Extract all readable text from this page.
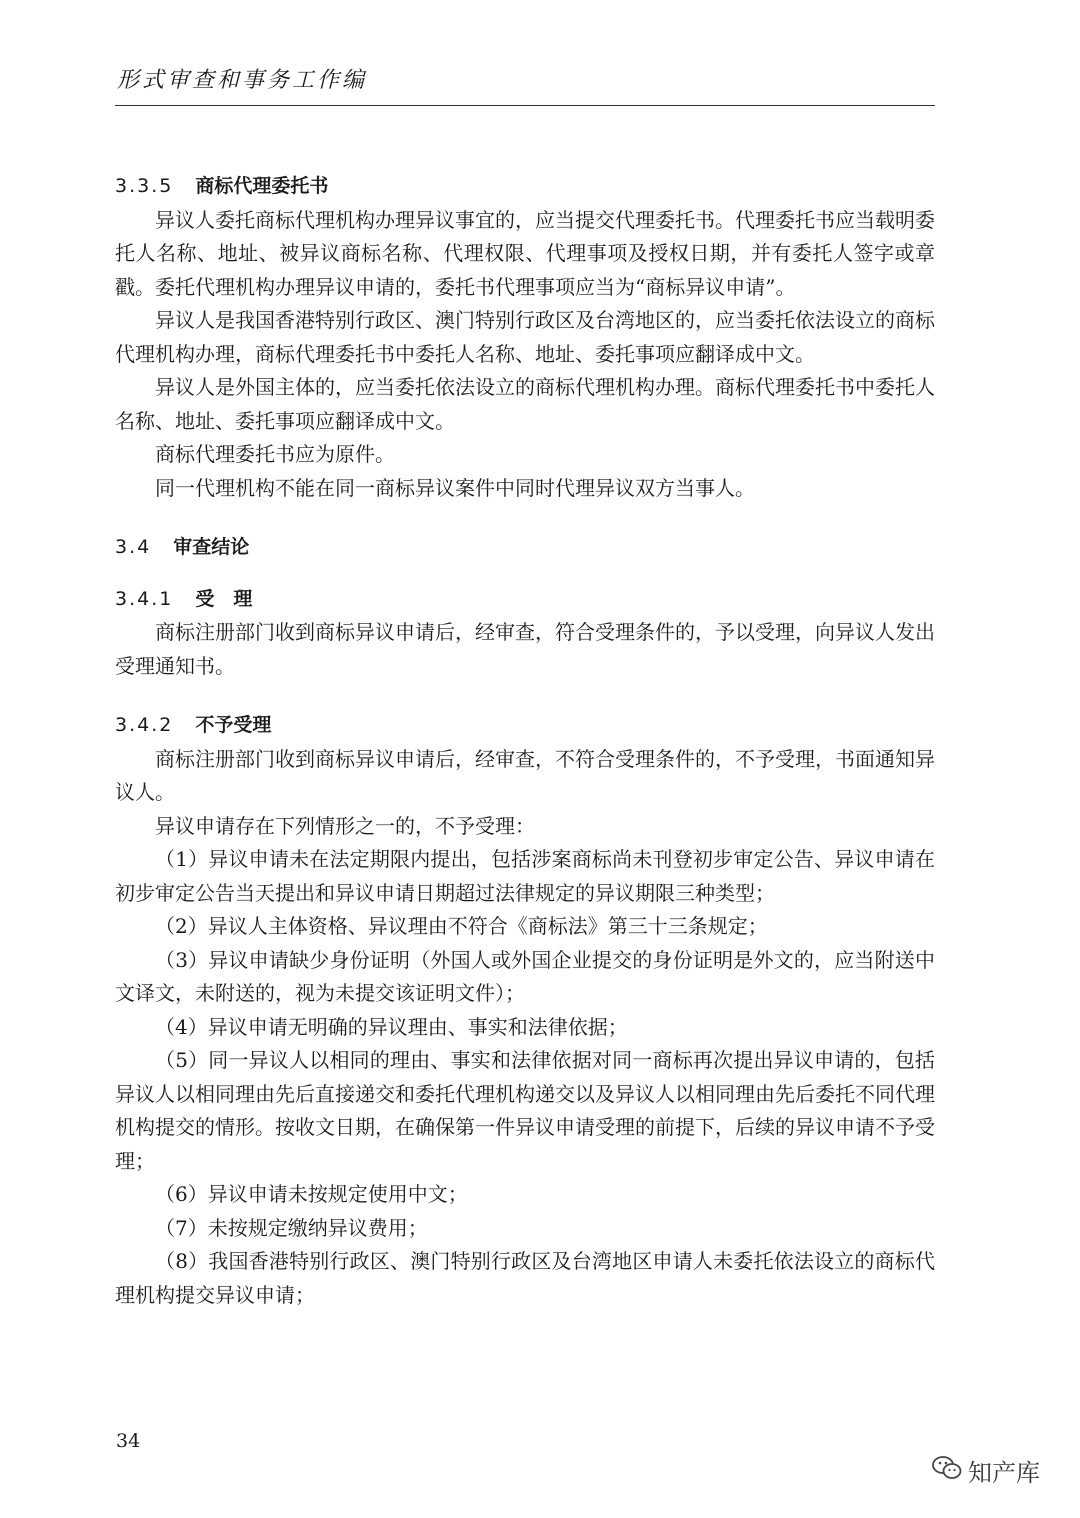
形式审查和事务工作编
3.3.5 商标代理委托书

异议人委托商标代理机构办理异议事宜的，应当提交代理委托书。代理委托书应当载明委托人名称、地址、被异议商标名称、代理权限、代理事项及授权日期，并有委托人签字或章戳。委托代理机构办理异议申请的，委托书代理事项应当为“商标异议申请”。

异议人是我国香港特别行政区、澳门特别行政区及台湾地区的，应当委托依法设立的商标代理机构办理，商标代理委托书中委托人名称、地址、委托事项应翻译成中文。

异议人是外国主体的，应当委托依法设立的商标代理机构办理。商标代理委托书中委托人名称、地址、委托事项应翻译成中文。

商标代理委托书应为原件。

同一代理机构不能在同一商标异议案件中同时代理异议双方当事人。

3.4 审查结论
3.4.1 受　理

商标注册部门收到商标异议申请后，经审查，符合受理条件的，予以受理，向异议人发出受理通知书。

3.4.2 不予受理

商标注册部门收到商标异议申请后，经审查，不符合受理条件的，不予受理，书面通知异议人。

异议申请存在下列情形之一的，不予受理：

（1）异议申请未在法定期限内提出，包括涉案商标尚未刊登初步审定公告、异议申请在初步审定公告当天提出和异议申请日期超过法律规定的异议期限三种类型；

（2）异议人主体资格、异议理由不符合《商标法》第三十三条规定；

（3）异议申请缺少身份证明（外国人或外国企业提交的身份证明是外文的，应当附送中文译文，未附送的，视为未提交该证明文件）；

（4）异议申请无明确的异议理由、事实和法律依据；

（5）同一异议人以相同的理由、事实和法律依据对同一商标再次提出异议申请的，包括异议人以相同理由先后直接递交和委托代理机构递交以及异议人以相同理由先后委托不同代理机构提交的情形。按收文日期，在确保第一件异议申请受理的前提下，后续的异议申请不予受理；

（6）异议申请未按规定使用中文；

（7）未按规定缴纳异议费用；

（8）我国香港特别行政区、澳门特别行政区及台湾地区申请人未委托依法设立的商标代理机构提交异议申请；

34
知产库
